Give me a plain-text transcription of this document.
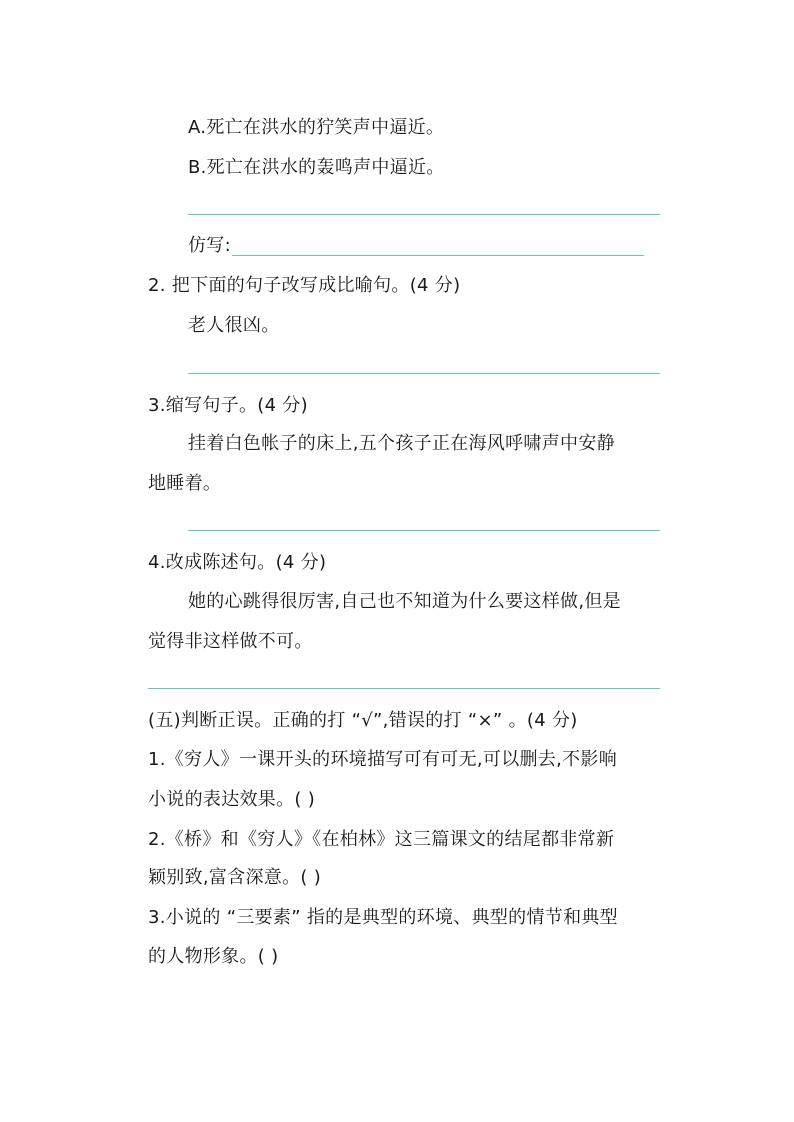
A.死亡在洪水的狞笑声中逼近。
B.死亡在洪水的轰鸣声中逼近。
仿写:
2. 把下面的句子改写成比喻句。(4 分)
老人很凶。
3.缩写句子。(4 分)
挂着白色帐子的床上,五个孩子正在海风呼啸声中安静
地睡着。
4.改成陈述句。(4 分)
她的心跳得很厉害,自己也不知道为什么要这样做,但是
觉得非这样做不可。
(五)判断正误。正确的打 “√”,错误的打 “×” 。(4 分)
1.《穷人》一课开头的环境描写可有可无,可以删去,不影响
小说的表达效果。( )
2.《桥》和《穷人》《在柏林》这三篇课文的结尾都非常新
颖别致,富含深意。( )
3.小说的 “三要素” 指的是典型的环境、典型的情节和典型
的人物形象。( )
